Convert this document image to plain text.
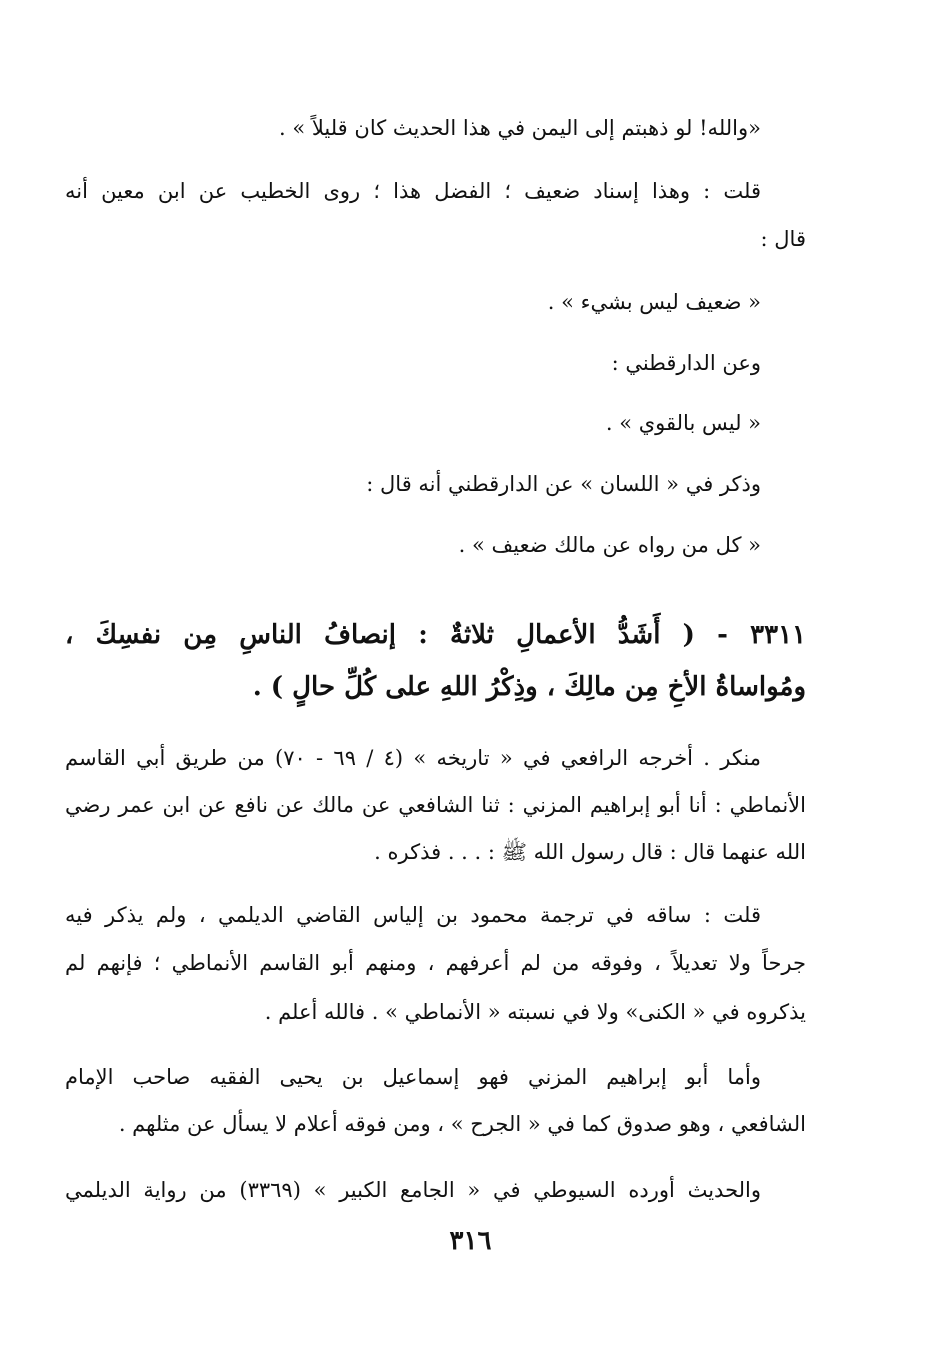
«والله! لو ذهبتم إلى اليمن في هذا الحديث كان قليلاً » .
قلت : وهذا إسناد ضعيف ؛ الفضل هذا ؛ روى الخطيب عن ابن معين أنه
قال :
« ضعيف ليس بشيء » .
وعن الدارقطني :
« ليس بالقوي » .
وذكر في « اللسان » عن الدارقطني أنه قال :
« كل من رواه عن مالك ضعيف » .
٣٣١١ - ( أَشَدُّ الأعمالِ ثلاثةٌ : إنصافُ الناسِ مِن نفسِكَ ،
ومُواساةُ الأخِ مِن مالِكَ ، وذِكْرُ اللهِ على كُلِّ حالٍ ) .
منكر . أخرجه الرافعي في « تاريخه » (٤ / ٦٩ - ٧٠) من طريق أبي القاسم
الأنماطي : أنا أبو إبراهيم المزني : ثنا الشافعي عن مالك عن نافع عن ابن عمر رضي
الله عنهما قال : قال رسول الله ﷺ : . . . فذكره .
قلت : ساقه في ترجمة محمود بن إلياس القاضي الديلمي ، ولم يذكر فيه
جرحاً ولا تعديلاً ، وفوقه من لم أعرفهم ، ومنهم أبو القاسم الأنماطي ؛ فإنهم لم
يذكروه في « الكنى» ولا في نسبته « الأنماطي » . فالله أعلم .
وأما أبو إبراهيم المزني فهو إسماعيل بن يحيى الفقيه صاحب الإمام
الشافعي ، وهو صدوق كما في « الجرح » ، ومن فوقه أعلام لا يسأل عن مثلهم .
والحديث أورده السيوطي في « الجامع الكبير » (٣٣٦٩) من رواية الديلمي
٣١٦
